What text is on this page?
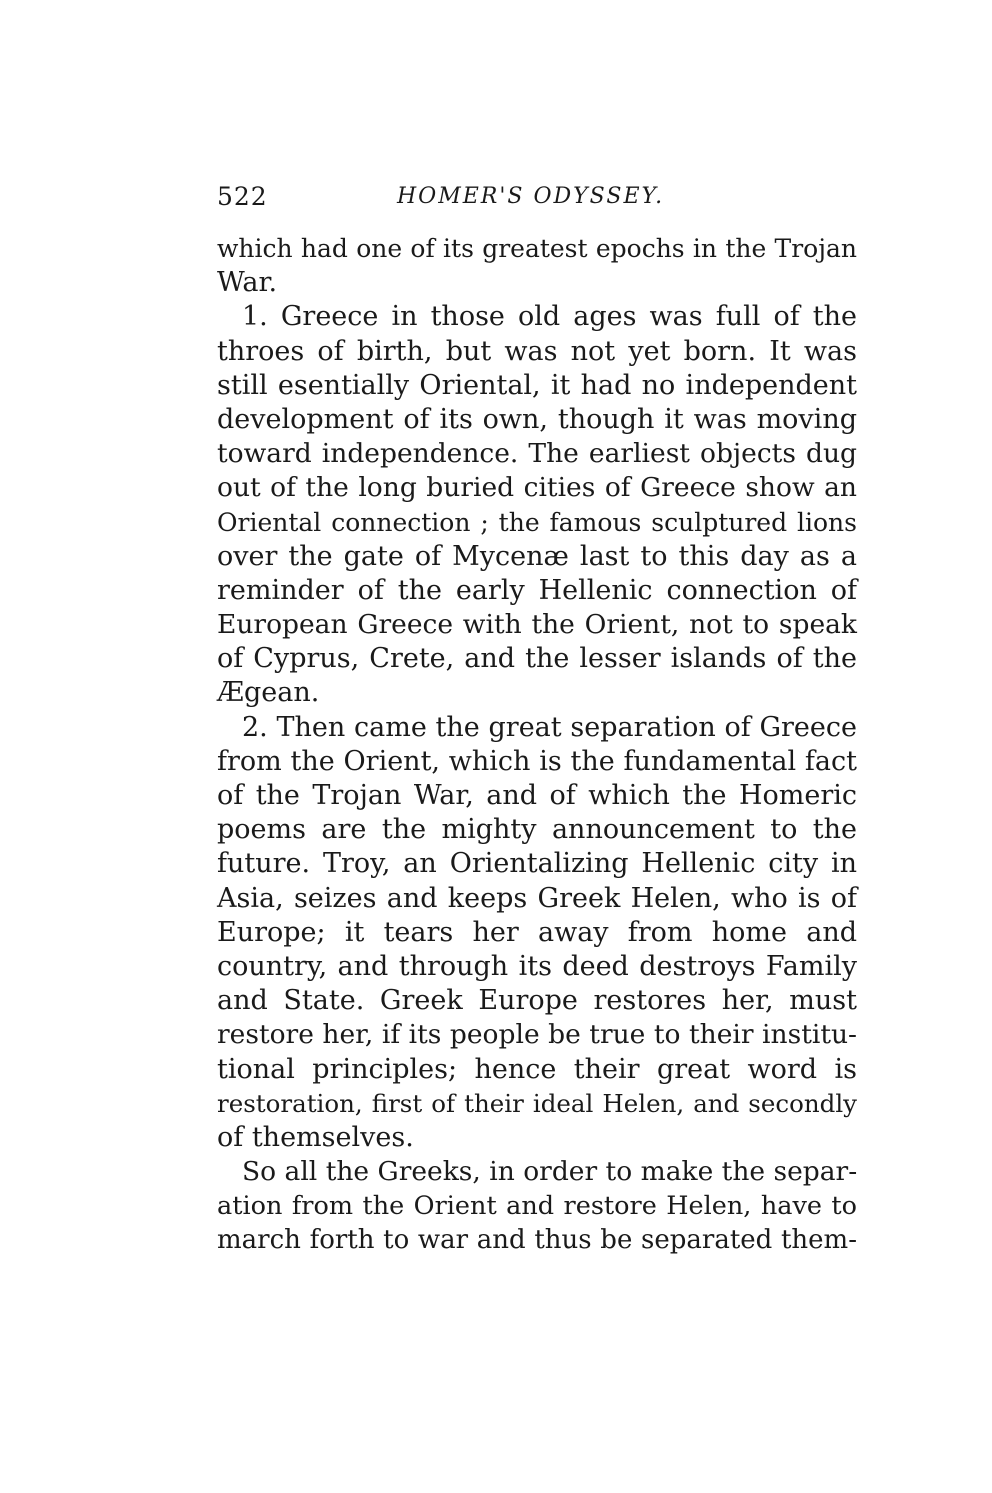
522	HOMER'S ODYSSEY.
which had one of its greatest epochs in the Trojan
War.
1. Greece in those old ages was full of the
throes of birth, but was not yet born. It was
still esentially Oriental, it had no independent
development of its own, though it was moving
toward independence. The earliest objects dug
out of the long buried cities of Greece show an
Oriental connection ; the famous sculptured lions
over the gate of Mycenæ last to this day as a
reminder of the early Hellenic connection of
European Greece with the Orient, not to speak
of Cyprus, Crete, and the lesser islands of the
Ægean.
2. Then came the great separation of Greece
from the Orient, which is the fundamental fact
of the Trojan War, and of which the Homeric
poems are the mighty announcement to the
future. Troy, an Orientalizing Hellenic city in
Asia, seizes and keeps Greek Helen, who is of
Europe; it tears her away from home and
country, and through its deed destroys Family
and State. Greek Europe restores her, must
restore her, if its people be true to their institu-
tional principles; hence their great word is
restoration, first of their ideal Helen, and secondly
of themselves.
So all the Greeks, in order to make the separ-
ation from the Orient and restore Helen, have to
march forth to war and thus be separated them-
